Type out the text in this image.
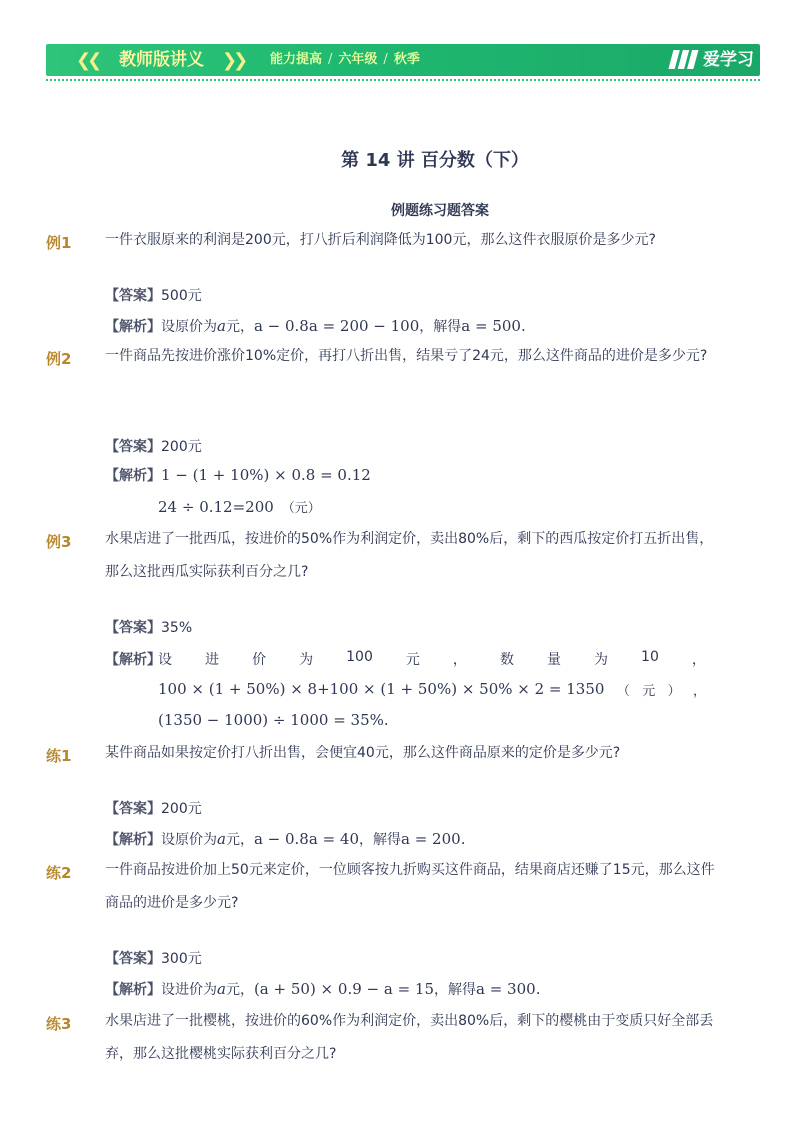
❮❮ 教师版讲义 ❯❯ 能力提高 / 六年级 / 秋季	▌▌▌爱学习
第 14 讲 百分数（下）
例题练习题答案
例1 一件衣服原来的利润是200元，打八折后利润降低为100元，那么这件衣服原价是多少元?
【答案】500元
【解析】设原价为a元，a − 0.8a = 200 − 100，解得a = 500.
例2 一件商品先按进价涨价10%定价，再打八折出售，结果亏了24元，那么这件商品的进价是多少元?
【答案】200元
【解析】1 − (1 + 10%) × 0.8 = 0.12
24 ÷ 0.12=200 （元）
例3 水果店进了一批西瓜，按进价的50%作为利润定价，卖出80%后，剩下的西瓜按定价打五折出售，那么这批西瓜实际获利百分之几?
【答案】35%
【解析】
设 进 价 为 100 元 ， 数 量 为 10 ，
100 × (1 + 50%) × 8+100 × (1 + 50%) × 50% × 2 = 1350 （ 元 ） ，
(1350 − 1000) ÷ 1000 = 35%.
练1 某件商品如果按定价打八折出售，会便宜40元，那么这件商品原来的定价是多少元?
【答案】200元
【解析】设原价为a元，a − 0.8a = 40，解得a = 200.
练2 一件商品按进价加上50元来定价，一位顾客按九折购买这件商品，结果商店还赚了15元，那么这件商品的进价是多少元?
【答案】300元
【解析】设进价为a元，(a + 50) × 0.9 − a = 15，解得a = 300.
练3 水果店进了一批樱桃，按进价的60%作为利润定价，卖出80%后，剩下的樱桃由于变质只好全部丢弃，那么这批樱桃实际获利百分之几?
